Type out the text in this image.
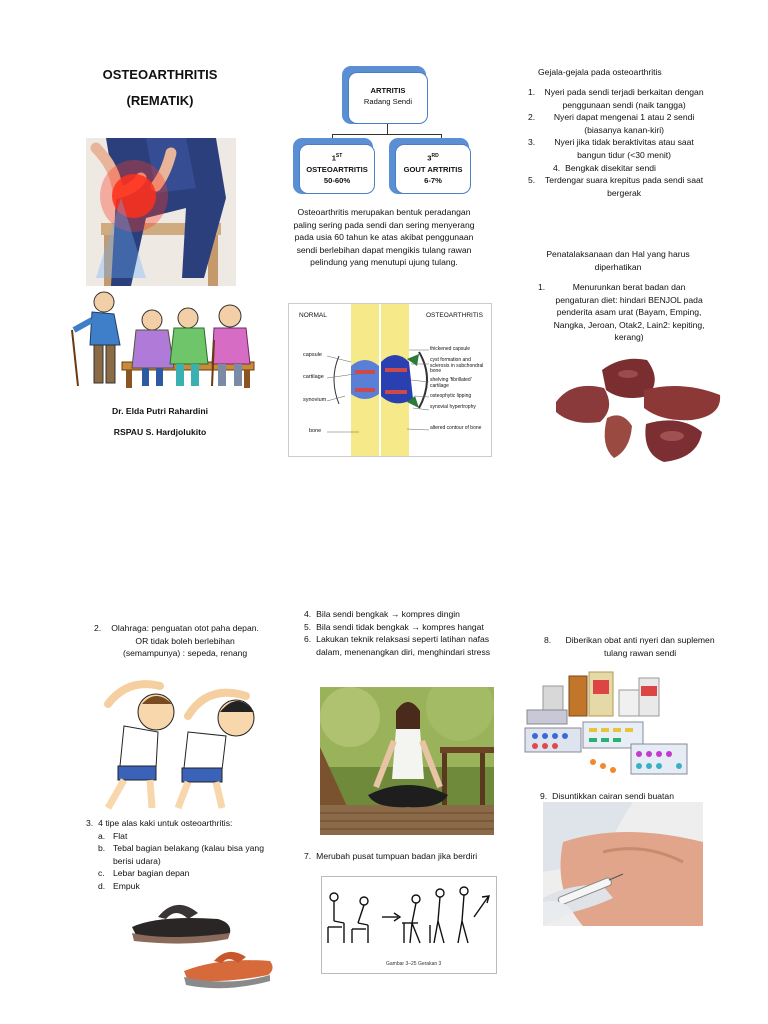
OSTEOARTHRITIS
(REMATIK)
Dr. Elda Putri Rahardini
RSPAU S. Hardjolukito
ARTRITIS
Radang Sendi
1ST
OSTEOARTRITIS
50-60%
3RD
GOUT ARTRITIS
6-7%
Osteoarthritis merupakan bentuk peradangan paling sering pada sendi dan sering menyerang pada usia 60 tahun ke atas akibat penggunaan sendi berlebihan dapat mengikis tulang rawan pelindung yang menutupi ujung tulang.
NORMAL	OSTEOARTHRITIS
capsule
cartilage
synovium
bone
thickened capsule
cyst formation and sclerosis in subchondral bone
shelving 'fibrillated' cartilage
osteophytic lipping
synovial hypertrophy
altered contour of bone
Gejala-gejala pada osteoarthritis
1.	Nyeri pada sendi terjadi berkaitan dengan penggunaan sendi (naik tangga)
2.	Nyeri dapat mengenai 1 atau 2 sendi (biasanya kanan-kiri)
3.	Nyeri jika tidak beraktivitas atau saat bangun tidur (<30 menit)
4. Bengkak disekitar sendi
5.	Terdengar suara krepitus pada sendi saat bergerak
Penatalaksanaan dan Hal yang harus diperhatikan
1.	Menurunkan berat badan dan pengaturan diet: hindari BENJOL pada penderita asam urat (Bayam, Emping, Nangka, Jeroan, Otak2, Lain2: kepiting, kerang)
2.	Olahraga: penguatan otot paha depan. OR tidak boleh berlebihan (semampunya) : sepeda, renang
3. 4 tipe alas kaki untuk osteoarthritis:
a. Flat
b. Tebal bagian belakang (kalau bisa yang berisi udara)
c. Lebar bagian depan
d. Empuk
4. Bila sendi bengkak → kompres dingin
5. Bila sendi tidak bengkak → kompres hangat
6. Lakukan teknik relaksasi seperti latihan nafas dalam, menenangkan diri, menghindari stress
7. Merubah pusat tumpuan badan jika berdiri
Gambar 3–25 Gerakan 3
8.	Diberikan obat anti nyeri dan suplemen tulang rawan sendi
9. Disuntikkan cairan sendi buatan
